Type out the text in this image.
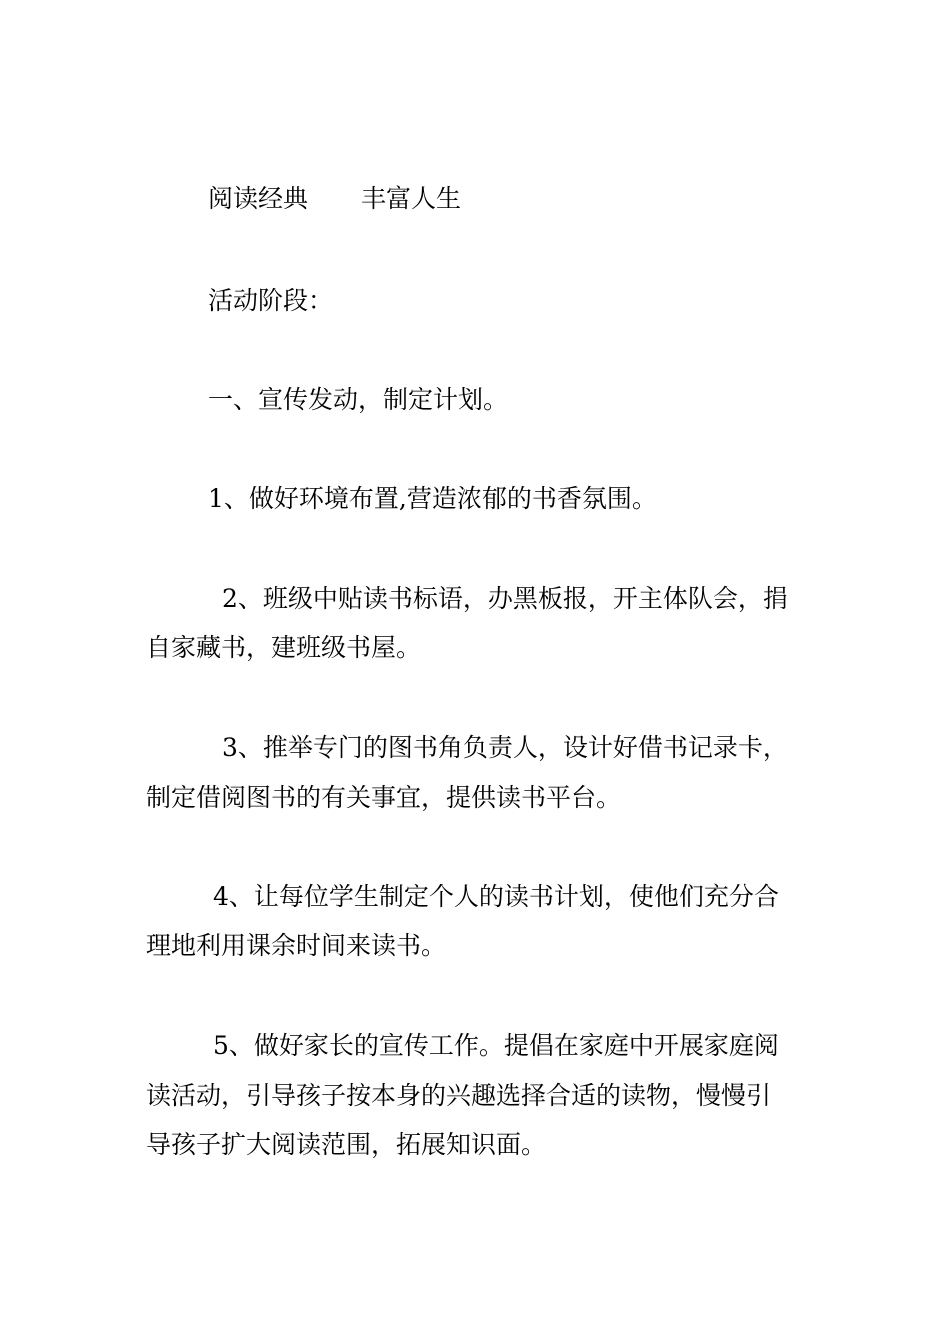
阅读经典 丰富人生
活动阶段：
一、宣传发动，制定计划。
1、做好环境布置,营造浓郁的书香氛围。
2、班级中贴读书标语，办黑板报，开主体队会，捐
自家藏书，建班级书屋。
3、推举专门的图书角负责人，设计好借书记录卡，
制定借阅图书的有关事宜，提供读书平台。
4、让每位学生制定个人的读书计划，使他们充分合
理地利用课余时间来读书。
5、做好家长的宣传工作。提倡在家庭中开展家庭阅
读活动，引导孩子按本身的兴趣选择合适的读物，慢慢引
导孩子扩大阅读范围，拓展知识面。
